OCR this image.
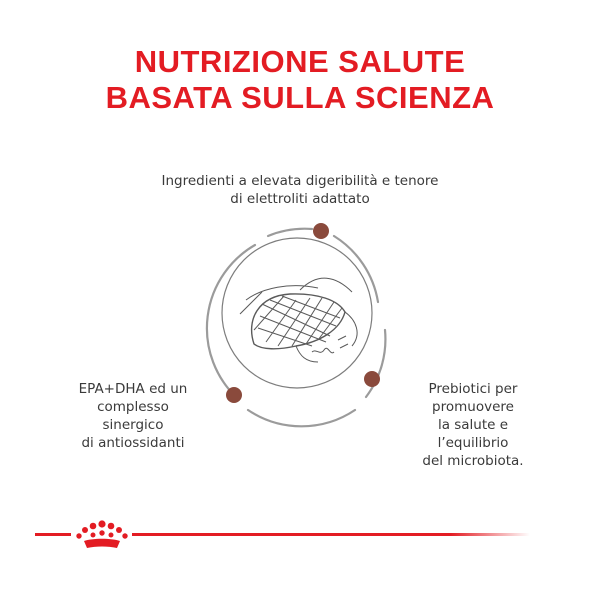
NUTRIZIONE SALUTE
BASATA SULLA SCIENZA
Ingredienti a elevata digeribilità e tenore
di elettroliti adattato
EPA+DHA ed un
complesso
sinergico
di antiossidanti
Prebiotici per
promuovere
la salute e
l’equilibrio
del microbiota.
